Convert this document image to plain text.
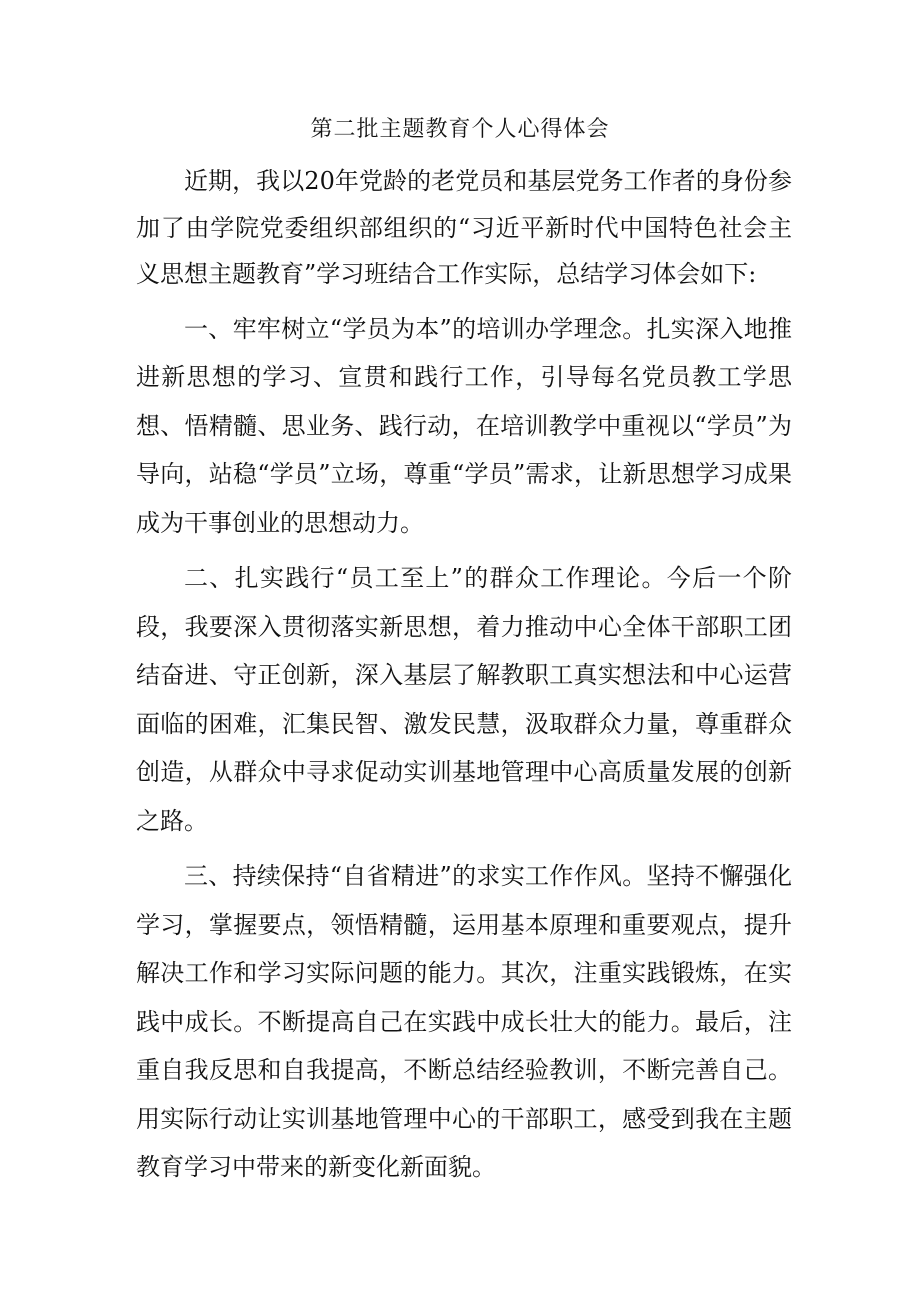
第二批主题教育个人心得体会

近期，我以20年党龄的老党员和基层党务工作者的身份参加了由学院党委组织部组织的“习近平新时代中国特色社会主义思想主题教育”学习班结合工作实际，总结学习体会如下:

一、牢牢树立“学员为本”的培训办学理念。扎实深入地推进新思想的学习、宣贯和践行工作，引导每名党员教工学思想、悟精髓、思业务、践行动，在培训教学中重视以“学员”为导向，站稳“学员”立场，尊重“学员”需求，让新思想学习成果成为干事创业的思想动力。

二、扎实践行“员工至上”的群众工作理论。今后一个阶段，我要深入贯彻落实新思想，着力推动中心全体干部职工团结奋进、守正创新，深入基层了解教职工真实想法和中心运营面临的困难，汇集民智、激发民慧，汲取群众力量，尊重群众创造，从群众中寻求促动实训基地管理中心高质量发展的创新之路。

三、持续保持“自省精进”的求实工作作风。坚持不懈强化学习，掌握要点，领悟精髓，运用基本原理和重要观点，提升解决工作和学习实际问题的能力。其次，注重实践锻炼，在实践中成长。不断提高自己在实践中成长壮大的能力。最后，注重自我反思和自我提高，不断总结经验教训，不断完善自己。用实际行动让实训基地管理中心的干部职工，感受到我在主题教育学习中带来的新变化新面貌。
